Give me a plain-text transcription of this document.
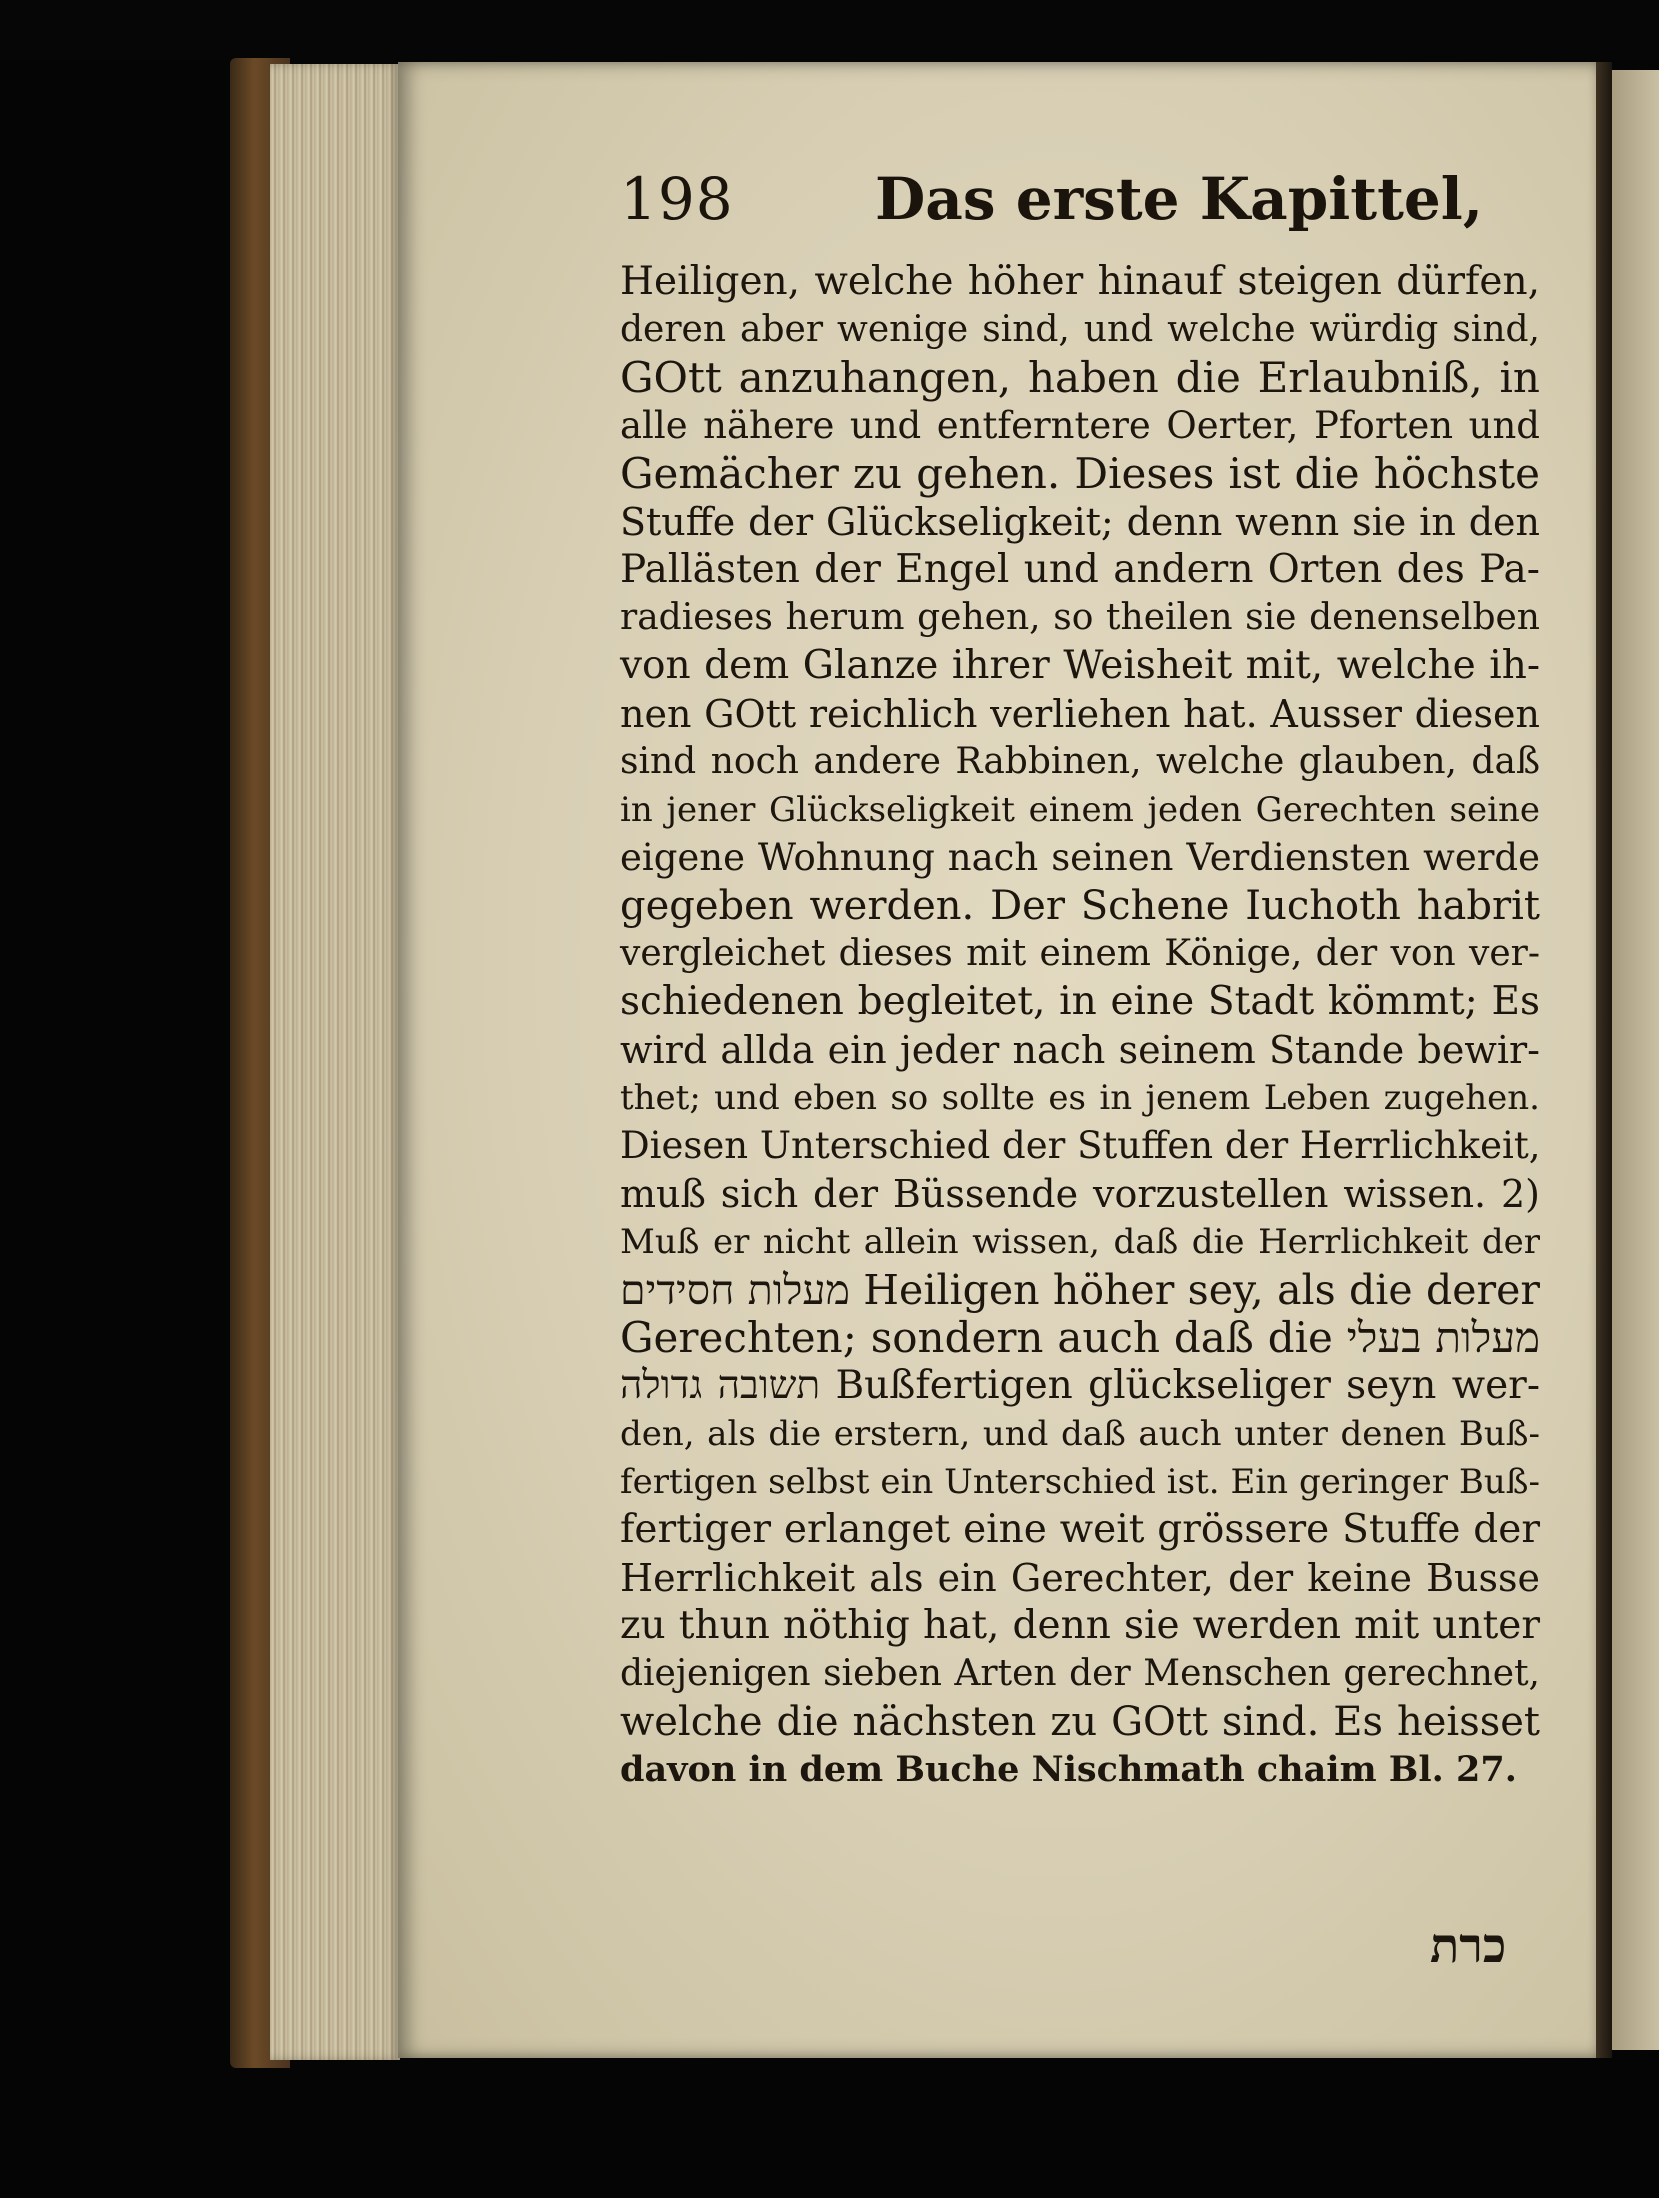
198 Das erste Kapittel,
Heiligen, welche höher hinauf steigen dürfen,
deren aber wenige sind, und welche würdig sind,
GOtt anzuhangen, haben die Erlaubniß, in
alle nähere und entferntere Oerter, Pforten und
Gemächer zu gehen. Dieses ist die höchste
Stuffe der Glückseligkeit; denn wenn sie in den
Pallästen der Engel und andern Orten des Pa-
radieses herum gehen, so theilen sie denenselben
von dem Glanze ihrer Weisheit mit, welche ih-
nen GOtt reichlich verliehen hat. Ausser diesen
sind noch andere Rabbinen, welche glauben, daß
in jener Glückseligkeit einem jeden Gerechten seine
eigene Wohnung nach seinen Verdiensten werde
gegeben werden. Der Schene Iuchoth habrit
vergleichet dieses mit einem Könige, der von ver-
schiedenen begleitet, in eine Stadt kömmt; Es
wird allda ein jeder nach seinem Stande bewir-
thet; und eben so sollte es in jenem Leben zugehen.
Diesen Unterschied der Stuffen der Herrlichkeit,
muß sich der Büssende vorzustellen wissen. 2)
Muß er nicht allein wissen, daß die Herrlichkeit der
מעלות חסידים Heiligen höher sey, als die derer
Gerechten; sondern auch daß die מעלות בעלי
תשובה גדולה Bußfertigen glückseliger seyn wer-
den, als die erstern, und daß auch unter denen Buß-
fertigen selbst ein Unterschied ist. Ein geringer Buß-
fertiger erlanget eine weit grössere Stuffe der
Herrlichkeit als ein Gerechter, der keine Busse
zu thun nöthig hat, denn sie werden mit unter
diejenigen sieben Arten der Menschen gerechnet,
welche die nächsten zu GOtt sind. Es heisset
davon in dem Buche Nischmath chaim Bl. 27.
כרת
